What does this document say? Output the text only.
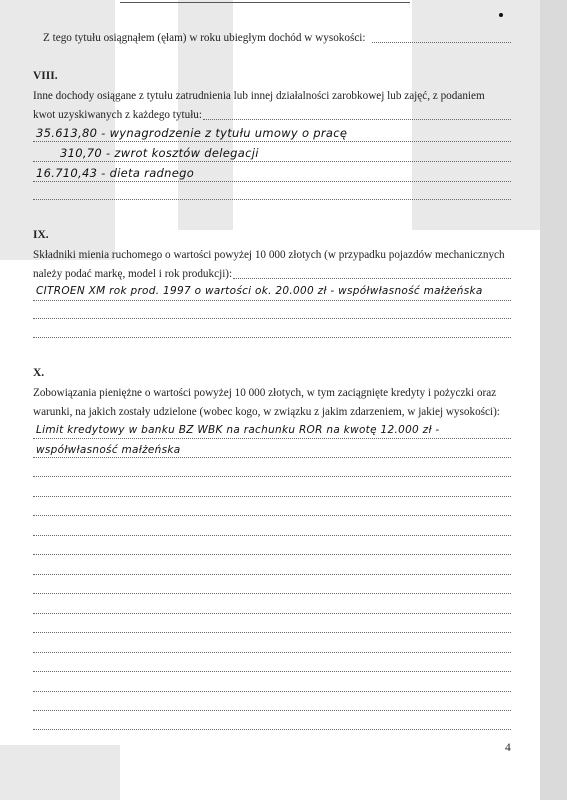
Z tego tytułu osiągnąłem (ęłam) w roku ubiegłym dochód w wysokości:
VIII.
Inne dochody osiągane z tytułu zatrudnienia lub innej działalności zarobkowej lub zajęć, z podaniem
kwot uzyskiwanych z każdego tytułu:
35.613,80 - wynagrodzenie z tytułu umowy o pracę
310,70 - zwrot kosztów delegacji
16.710,43 - dieta radnego
IX.
Składniki mienia ruchomego o wartości powyżej 10 000 złotych (w przypadku pojazdów mechanicznych
należy podać markę, model i rok produkcji):
CITROEN XM rok prod. 1997 o wartości ok. 20.000 zł - współwłasność małżeńska
X.
Zobowiązania pieniężne o wartości powyżej 10 000 złotych, w tym zaciągnięte kredyty i pożyczki oraz
warunki, na jakich zostały udzielone (wobec kogo, w związku z jakim zdarzeniem, w jakiej wysokości):
Limit kredytowy w banku BZ WBK na rachunku ROR na kwotę 12.000 zł -
współwłasność małżeńska
4
